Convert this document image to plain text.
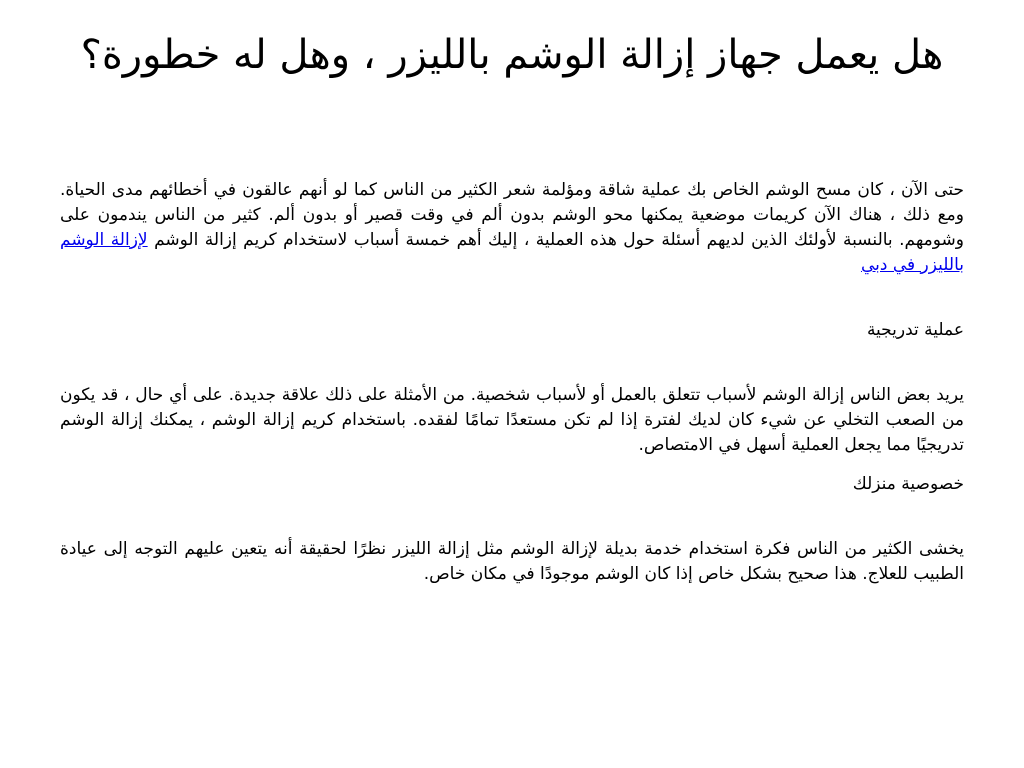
هل يعمل جهاز إزالة الوشم بالليزر ، وهل له خطورة؟

حتى الآن ، كان مسح الوشم الخاص بك عملية شاقة ومؤلمة شعر الكثير من الناس كما لو أنهم عالقون في أخطائهم مدى الحياة. ومع ذلك ، هناك الآن كريمات موضعية يمكنها محو الوشم بدون ألم في وقت قصير أو بدون ألم. كثير من الناس يندمون على وشومهم. بالنسبة لأولئك الذين لديهم أسئلة حول هذه العملية ، إليك أهم خمسة أسباب لاستخدام كريم إزالة الوشم لإزالة الوشم بالليزر في دبي

عملية تدريجية

يريد بعض الناس إزالة الوشم لأسباب تتعلق بالعمل أو لأسباب شخصية. من الأمثلة على ذلك علاقة جديدة. على أي حال ، قد يكون من الصعب التخلي عن شيء كان لديك لفترة إذا لم تكن مستعدًا تمامًا لفقده. باستخدام كريم إزالة الوشم ، يمكنك إزالة الوشم تدريجيًا مما يجعل العملية أسهل في الامتصاص.

خصوصية منزلك

يخشى الكثير من الناس فكرة استخدام خدمة بديلة لإزالة الوشم مثل إزالة الليزر نظرًا لحقيقة أنه يتعين عليهم التوجه إلى عيادة الطبيب للعلاج. هذا صحيح بشكل خاص إذا كان الوشم موجودًا في مكان خاص.
